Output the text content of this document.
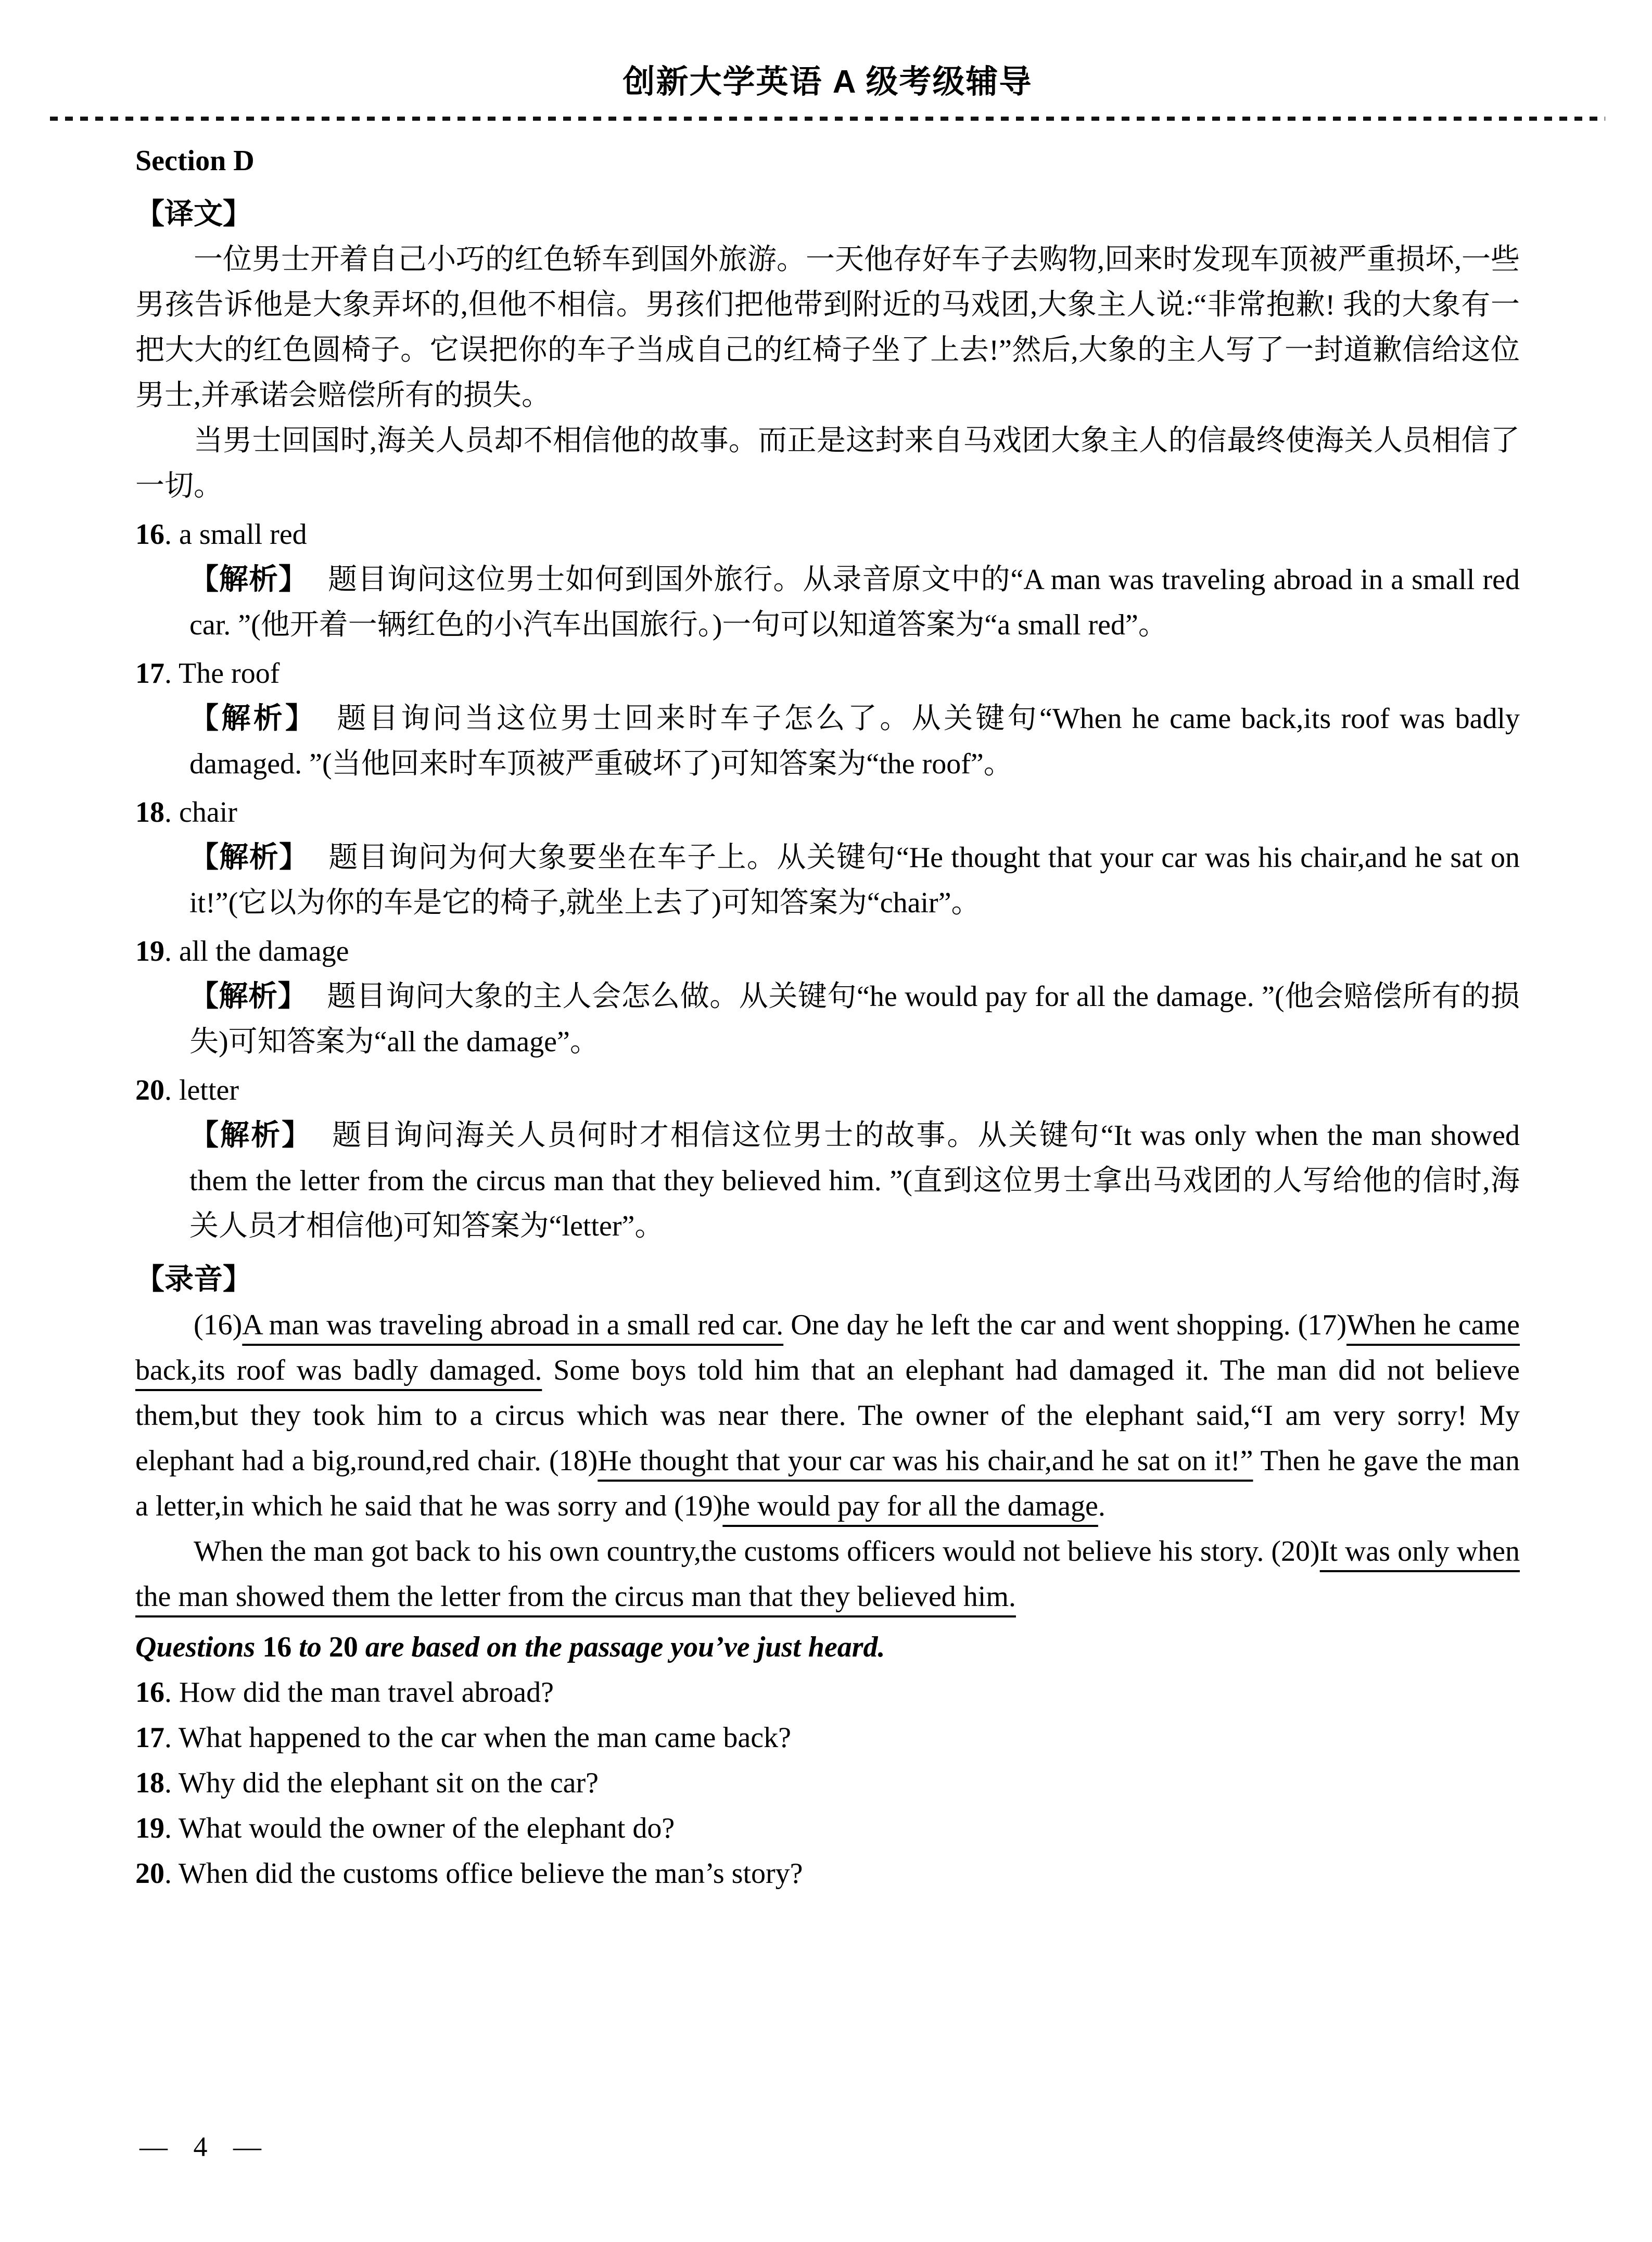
创新大学英语 A 级考级辅导
Section D
【译文】

一位男士开着自己小巧的红色轿车到国外旅游。一天他存好车子去购物,回来时发现车顶被严重损坏,一些男孩告诉他是大象弄坏的,但他不相信。男孩们把他带到附近的马戏团,大象主人说:“非常抱歉! 我的大象有一把大大的红色圆椅子。它误把你的车子当成自己的红椅子坐了上去!”然后,大象的主人写了一封道歉信给这位男士,并承诺会赔偿所有的损失。

当男士回国时,海关人员却不相信他的故事。而正是这封来自马戏团大象主人的信最终使海关人员相信了一切。

16. a small red

【解析】 题目询问这位男士如何到国外旅行。从录音原文中的“A man was traveling abroad in a small red car. ”(他开着一辆红色的小汽车出国旅行。)一句可以知道答案为“a small red”。

17. The roof

【解析】 题目询问当这位男士回来时车子怎么了。从关键句“When he came back,its roof was badly damaged. ”(当他回来时车顶被严重破坏了)可知答案为“the roof”。

18. chair

【解析】 题目询问为何大象要坐在车子上。从关键句“He thought that your car was his chair,and he sat on it!”(它以为你的车是它的椅子,就坐上去了)可知答案为“chair”。

19. all the damage

【解析】 题目询问大象的主人会怎么做。从关键句“he would pay for all the damage. ”(他会赔偿所有的损失)可知答案为“all the damage”。

20. letter

【解析】 题目询问海关人员何时才相信这位男士的故事。从关键句“It was only when the man showed them the letter from the circus man that they believed him. ”(直到这位男士拿出马戏团的人写给他的信时,海关人员才相信他)可知答案为“letter”。

【录音】

(16)A man was traveling abroad in a small red car. One day he left the car and went shopping. (17)When he came back,its roof was badly damaged. Some boys told him that an elephant had damaged it. The man did not believe them,but they took him to a circus which was near there. The owner of the elephant said,“I am very sorry! My elephant had a big,round,red chair. (18)He thought that your car was his chair,and he sat on it!” Then he gave the man a letter,in which he said that he was sorry and (19)he would pay for all the damage.

When the man got back to his own country,the customs officers would not believe his story. (20)It was only when the man showed them the letter from the circus man that they believed him.

Questions 16 to 20 are based on the passage you’ve just heard.

16. How did the man travel abroad?

17. What happened to the car when the man came back?

18. Why did the elephant sit on the car?

19. What would the owner of the elephant do?

20. When did the customs office believe the man’s story?

— 4 —
